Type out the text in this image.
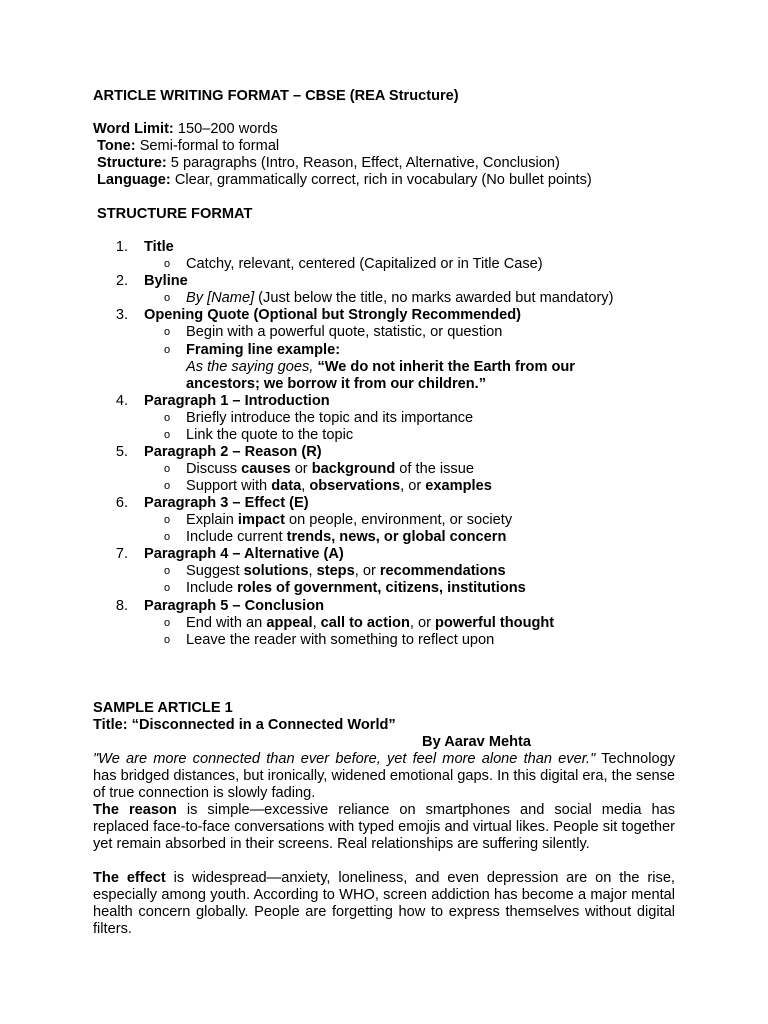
ARTICLE WRITING FORMAT – CBSE (REA Structure)
Word Limit: 150–200 words
Tone: Semi-formal to formal
Structure: 5 paragraphs (Intro, Reason, Effect, Alternative, Conclusion)
Language: Clear, grammatically correct, rich in vocabulary (No bullet points)
STRUCTURE FORMAT
1. Title
o Catchy, relevant, centered (Capitalized or in Title Case)
2. Byline
o By [Name] (Just below the title, no marks awarded but mandatory)
3. Opening Quote (Optional but Strongly Recommended)
o Begin with a powerful quote, statistic, or question
o Framing line example:
As the saying goes, “We do not inherit the Earth from our
ancestors; we borrow it from our children.”
4. Paragraph 1 – Introduction
o Briefly introduce the topic and its importance
o Link the quote to the topic
5. Paragraph 2 – Reason (R)
o Discuss causes or background of the issue
o Support with data, observations, or examples
6. Paragraph 3 – Effect (E)
o Explain impact on people, environment, or society
o Include current trends, news, or global concern
7. Paragraph 4 – Alternative (A)
o Suggest solutions, steps, or recommendations
o Include roles of government, citizens, institutions
8. Paragraph 5 – Conclusion
o End with an appeal, call to action, or powerful thought
o Leave the reader with something to reflect upon
SAMPLE ARTICLE 1
Title: “Disconnected in a Connected World”
By Aarav Mehta
"We are more connected than ever before, yet feel more alone than ever." Technology has bridged distances, but ironically, widened emotional gaps. In this digital era, the sense of true connection is slowly fading.
The reason is simple—excessive reliance on smartphones and social media has replaced face-to-face conversations with typed emojis and virtual likes. People sit together yet remain absorbed in their screens. Real relationships are suffering silently.
The effect is widespread—anxiety, loneliness, and even depression are on the rise, especially among youth. According to WHO, screen addiction has become a major mental health concern globally. People are forgetting how to express themselves without digital filters.
